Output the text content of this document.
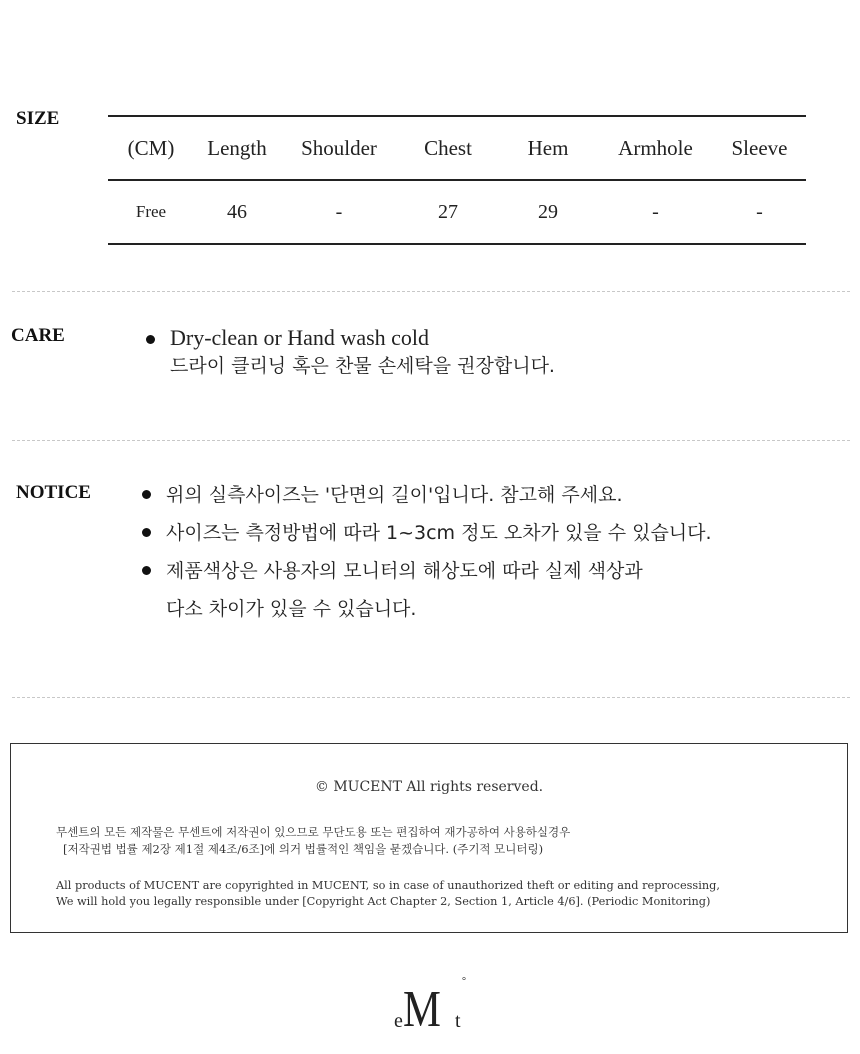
SIZE
(CM)	Length	Shoulder	Chest	Hem	Armhole	Sleeve
Free	46	-	27	29	-	-
CARE	Dry-clean or Hand wash cold
드라이 클리닝 혹은 찬물 손세탁을 권장합니다.
NOTICE	위의 실측사이즈는 '단면의 길이'입니다. 참고해 주세요.
사이즈는 측정방법에 따라 1~3cm 정도 오차가 있을 수 있습니다.
제품색상은 사용자의 모니터의 해상도에 따라 실제 색상과
다소 차이가 있을 수 있습니다.
© MUCENT All rights reserved.
무센트의 모든 제작물은 무센트에 저작권이 있으므로 무단도용 또는 편집하여 재가공하여 사용하실경우
[저작권법 법률 제2장 제1절 제4조/6조]에 의거 법률적인 책임을 묻겠습니다. (주기적 모니터링)
All products of MUCENT are copyrighted in MUCENT, so in case of unauthorized theft or editing and reprocessing,
We will hold you legally responsible under [Copyright Act Chapter 2, Section 1, Article 4/6]. (Periodic Monitoring)
e M t
°
